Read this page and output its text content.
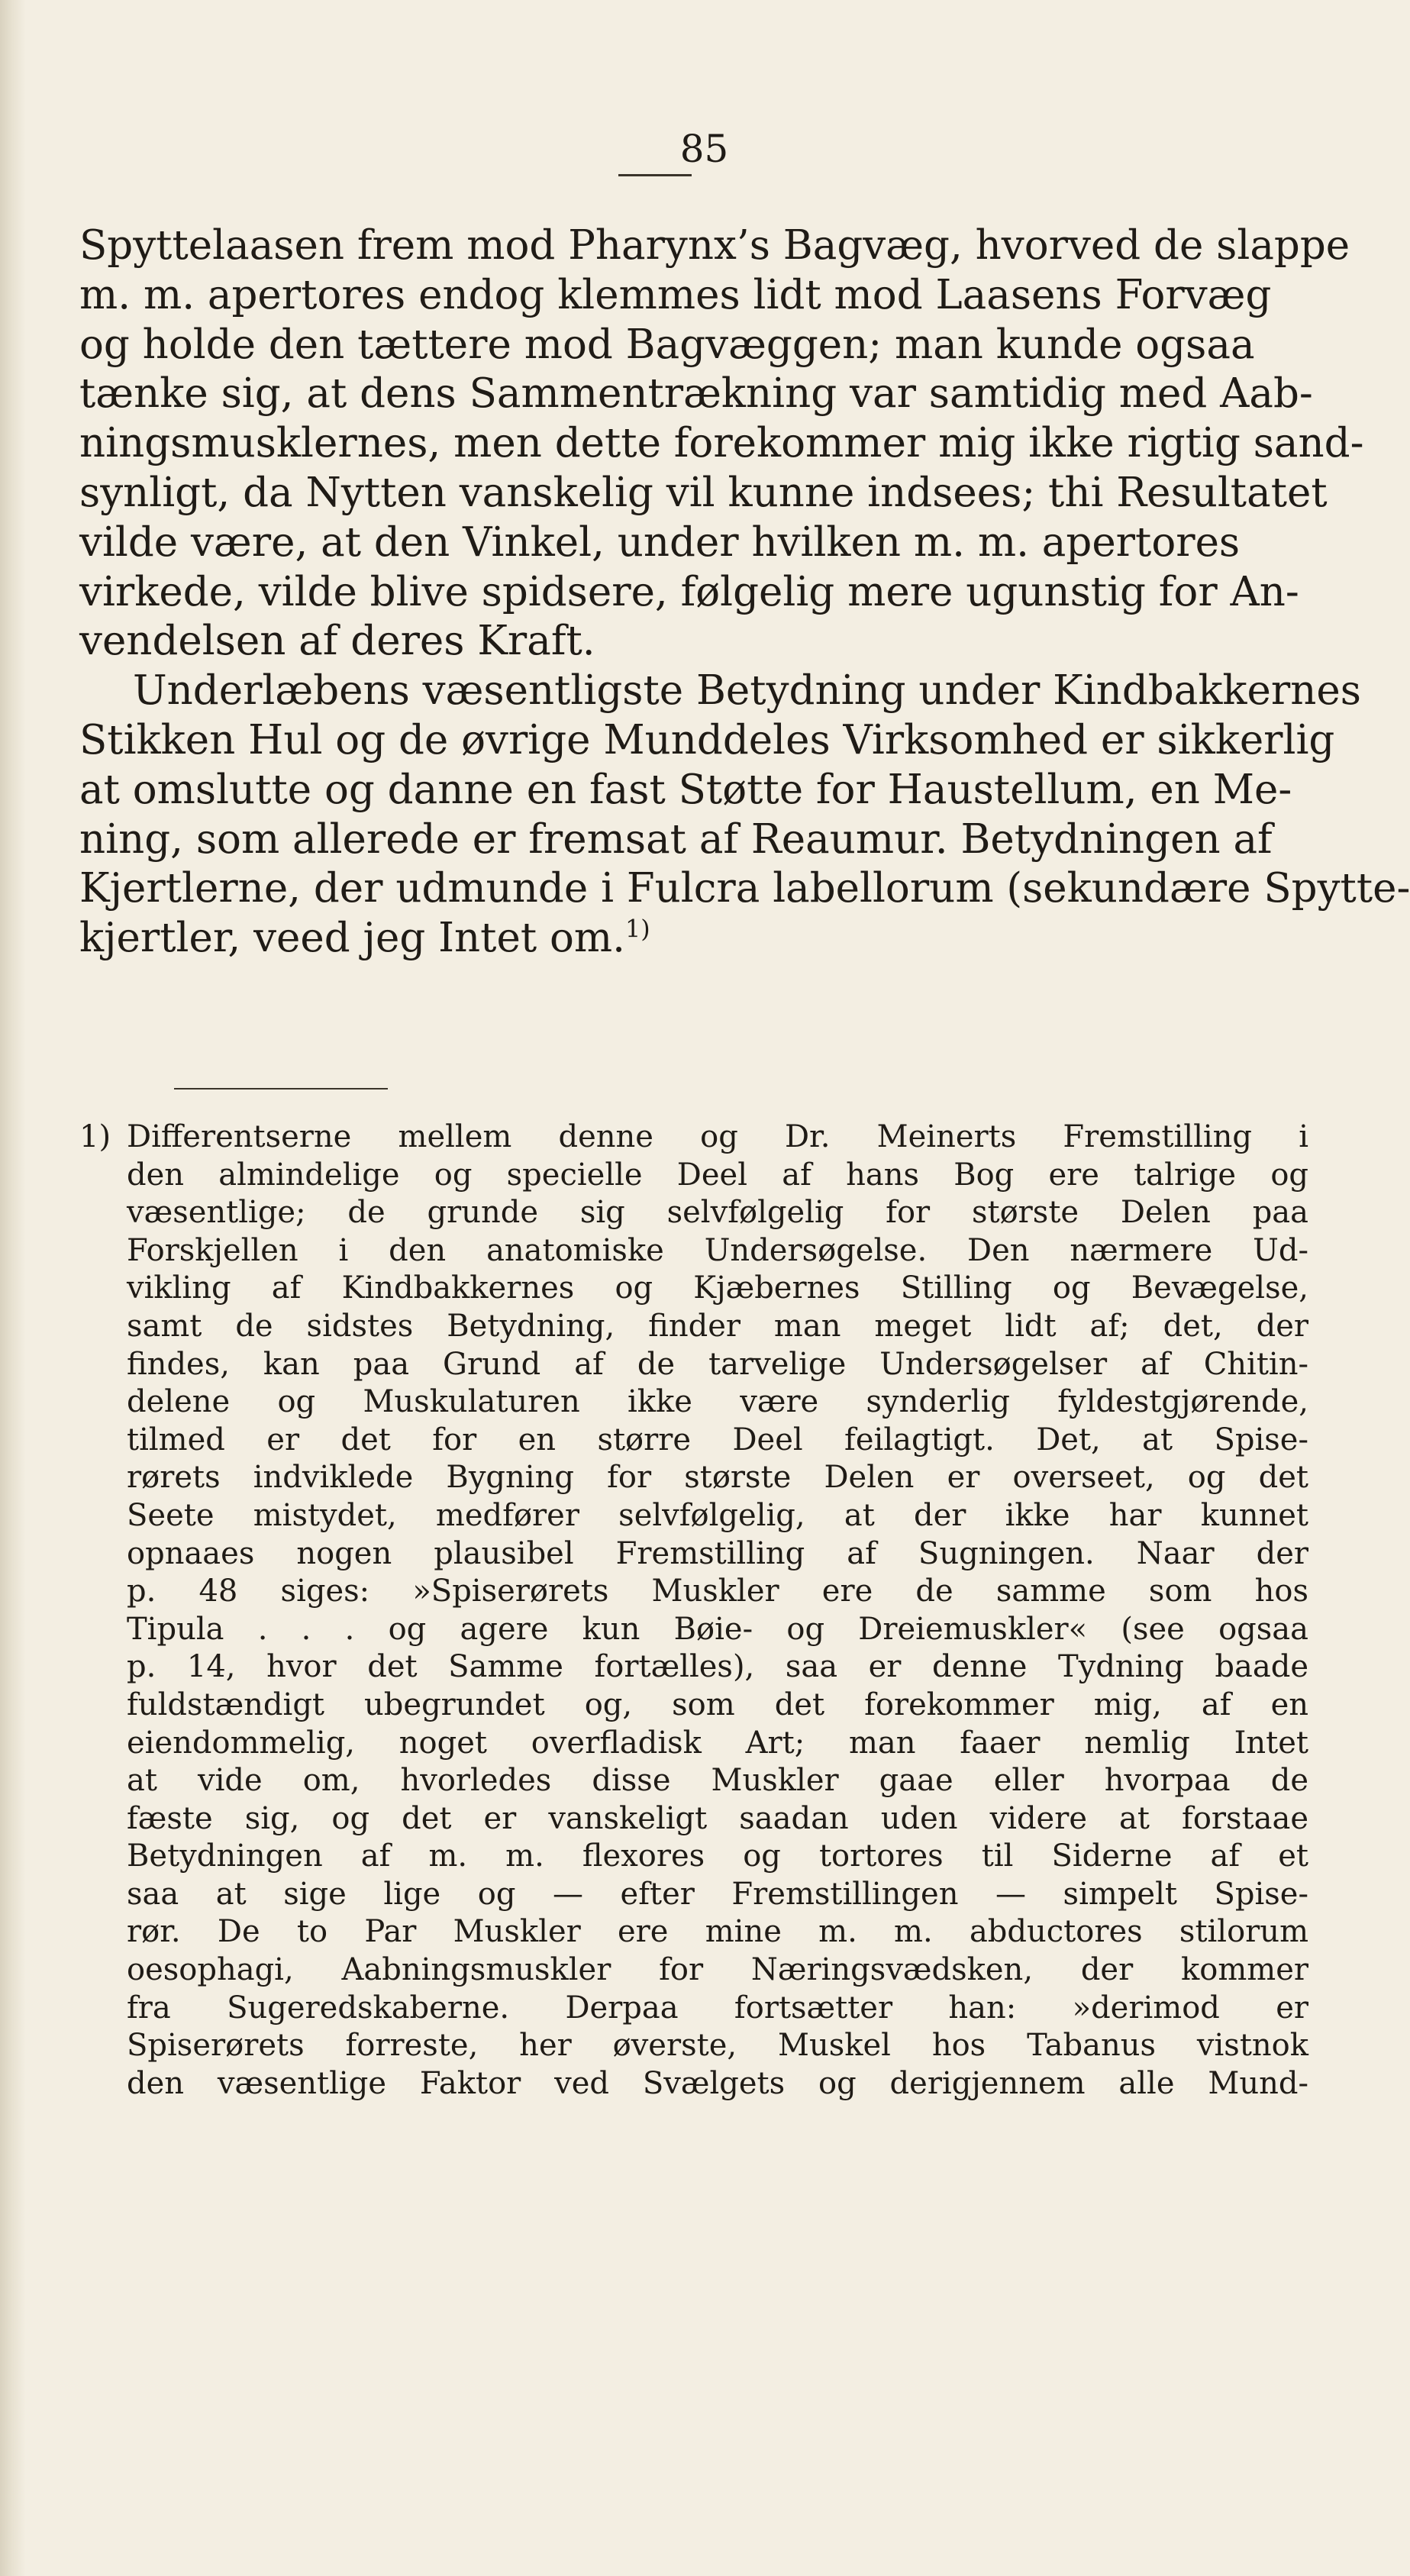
85
Spyttelaasen frem mod Pharynx’s Bagvæg, hvorved de slappe
m. m. apertores endog klemmes lidt mod Laasens Forvæg
og holde den tættere mod Bagvæggen; man kunde ogsaa
tænke sig, at dens Sammentrækning var samtidig med Aab-
ningsmusklernes, men dette forekommer mig ikke rigtig sand-
synligt, da Nytten vanskelig vil kunne indsees; thi Resultatet
vilde være, at den Vinkel, under hvilken m. m. apertores
virkede, vilde blive spidsere, følgelig mere ugunstig for An-
vendelsen af deres Kraft.
Underlæbens væsentligste Betydning under Kindbakkernes
Stikken Hul og de øvrige Munddeles Virksomhed er sikkerlig
at omslutte og danne en fast Støtte for Haustellum, en Me-
ning, som allerede er fremsat af Reaumur. Betydningen af
Kjertlerne, der udmunde i Fulcra labellorum (sekundære Spytte-
kjertler, veed jeg Intet om.$^{1)}$
1) Differentserne mellem denne og Dr. Meinerts Fremstilling i
den almindelige og specielle Deel af hans Bog ere talrige og
væsentlige; de grunde sig selvfølgelig for største Delen paa
Forskjellen i den anatomiske Undersøgelse. Den nærmere Ud-
vikling af Kindbakkernes og Kjæbernes Stilling og Bevægelse,
samt de sidstes Betydning, finder man meget lidt af; det, der
findes, kan paa Grund af de tarvelige Undersøgelser af Chitin-
delene og Muskulaturen ikke være synderlig fyldestgjørende,
tilmed er det for en større Deel feilagtigt. Det, at Spise-
rørets indviklede Bygning for største Delen er overseet, og det
Seete mistydet, medfører selvfølgelig, at der ikke har kunnet
opnaaes nogen plausibel Fremstilling af Sugningen. Naar der
p. 48 siges: »Spiserørets Muskler ere de samme som hos
Tipula . . . og agere kun Bøie- og Dreiemuskler« (see ogsaa
p. 14, hvor det Samme fortælles), saa er denne Tydning baade
fuldstændigt ubegrundet og, som det forekommer mig, af en
eiendommelig, noget overfladisk Art; man faaer nemlig Intet
at vide om, hvorledes disse Muskler gaae eller hvorpaa de
fæste sig, og det er vanskeligt saadan uden videre at forstaae
Betydningen af m. m. flexores og tortores til Siderne af et
saa at sige lige og — efter Fremstillingen — simpelt Spise-
rør. De to Par Muskler ere mine m. m. abductores stilorum
oesophagi, Aabningsmuskler for Næringsvædsken, der kommer
fra Sugeredskaberne. Derpaa fortsætter han: »derimod er
Spiserørets forreste, her øverste, Muskel hos Tabanus vistnok
den væsentlige Faktor ved Svælgets og derigjennem alle Mund-
